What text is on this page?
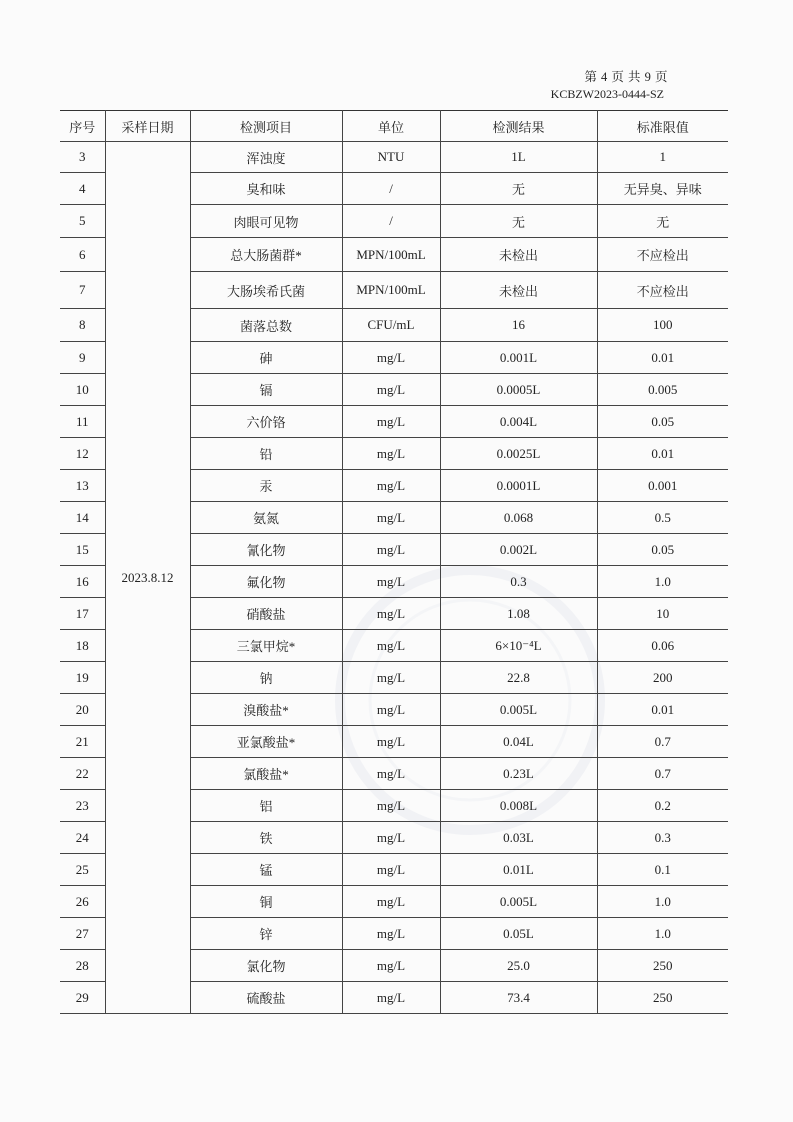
第 4 页 共 9 页
KCBZW2023-0444-SZ
序号	采样日期	检测项目	单位	检测结果	标准限值
3	2023.8.12	浑浊度	NTU	1L	1
4		臭和味	/	无	无异臭、异味
5		肉眼可见物	/	无	无
6		总大肠菌群*	MPN/100mL	未检出	不应检出
7		大肠埃希氏菌	MPN/100mL	未检出	不应检出
8		菌落总数	CFU/mL	16	100
9		砷	mg/L	0.001L	0.01
10		镉	mg/L	0.0005L	0.005
11		六价铬	mg/L	0.004L	0.05
12		铅	mg/L	0.0025L	0.01
13		汞	mg/L	0.0001L	0.001
14		氨氮	mg/L	0.068	0.5
15		氰化物	mg/L	0.002L	0.05
16		氟化物	mg/L	0.3	1.0
17		硝酸盐	mg/L	1.08	10
18		三氯甲烷*	mg/L	6×10⁻⁴L	0.06
19		钠	mg/L	22.8	200
20		溴酸盐*	mg/L	0.005L	0.01
21		亚氯酸盐*	mg/L	0.04L	0.7
22		氯酸盐*	mg/L	0.23L	0.7
23		铝	mg/L	0.008L	0.2
24		铁	mg/L	0.03L	0.3
25		锰	mg/L	0.01L	0.1
26		铜	mg/L	0.005L	1.0
27		锌	mg/L	0.05L	1.0
28		氯化物	mg/L	25.0	250
29		硫酸盐	mg/L	73.4	250
